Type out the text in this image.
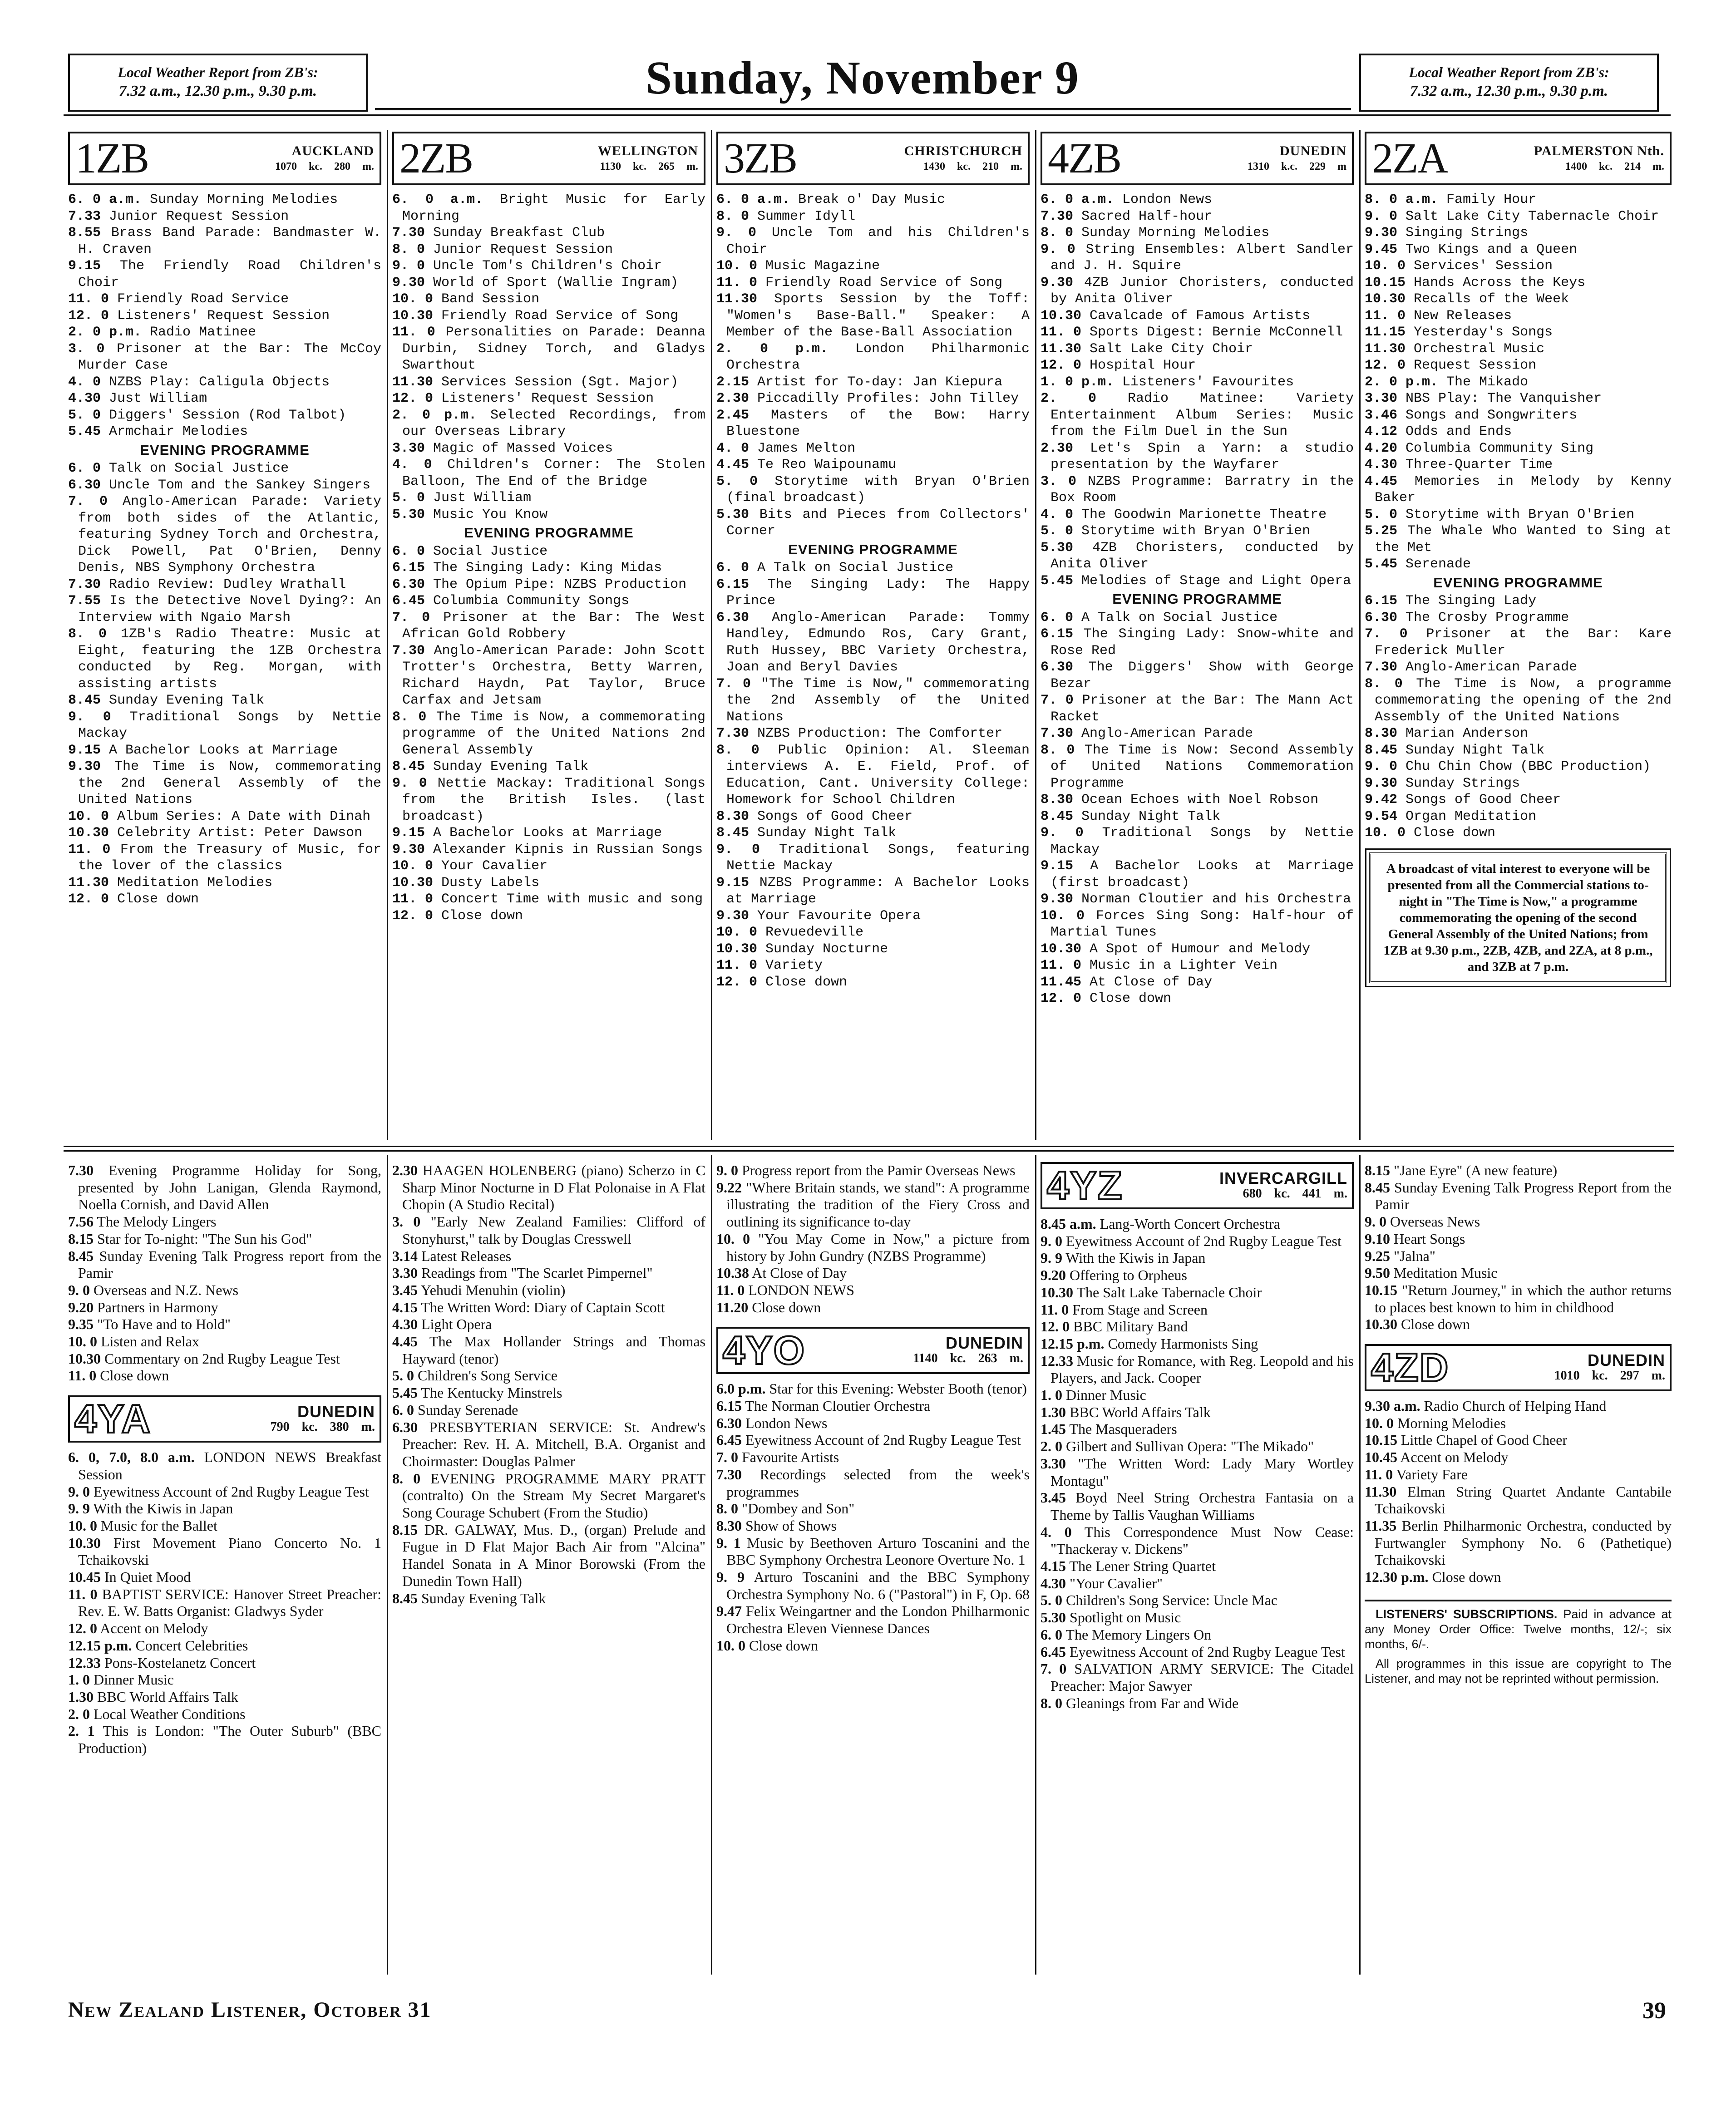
Local Weather Report from ZB's:
7.32 a.m., 12.30 p.m., 9.30 p.m.	Sunday, November 9	Local Weather Report from ZB's:
7.32 a.m., 12.30 p.m., 9.30 p.m.
1ZB	AUCKLAND
1070 kc. 280 m.

6. 0 a.m. Sunday Morning Melodies

7.33 Junior Request Session

8.55 Brass Band Parade: Bandmaster W. H. Craven

9.15 The Friendly Road Children's Choir

11. 0 Friendly Road Service

12. 0 Listeners' Request Session

2. 0 p.m. Radio Matinee

3. 0 Prisoner at the Bar: The McCoy Murder Case

4. 0 NZBS Play: Caligula Objects

4.30 Just William

5. 0 Diggers' Session (Rod Talbot)

5.45 Armchair Melodies

EVENING PROGRAMME

6. 0 Talk on Social Justice

6.30 Uncle Tom and the Sankey Singers

7. 0 Anglo-American Parade: Variety from both sides of the Atlantic, featuring Sydney Torch and Orchestra, Dick Powell, Pat O'Brien, Denny Denis, NBS Symphony Orchestra

7.30 Radio Review: Dudley Wrathall

7.55 Is the Detective Novel Dying?: An Interview with Ngaio Marsh

8. 0 1ZB's Radio Theatre: Music at Eight, featuring the 1ZB Orchestra conducted by Reg. Morgan, with assisting artists

8.45 Sunday Evening Talk

9. 0 Traditional Songs by Nettie Mackay

9.15 A Bachelor Looks at Marriage

9.30 The Time is Now, commemorating the 2nd General Assembly of the United Nations

10. 0 Album Series: A Date with Dinah

10.30 Celebrity Artist: Peter Dawson

11. 0 From the Treasury of Music, for the lover of the classics

11.30 Meditation Melodies

12. 0 Close down

2ZB	WELLINGTON
1130 kc. 265 m.

6. 0 a.m. Bright Music for Early Morning

7.30 Sunday Breakfast Club

8. 0 Junior Request Session

9. 0 Uncle Tom's Children's Choir

9.30 World of Sport (Wallie Ingram)

10. 0 Band Session

10.30 Friendly Road Service of Song

11. 0 Personalities on Parade: Deanna Durbin, Sidney Torch, and Gladys Swarthout

11.30 Services Session (Sgt. Major)

12. 0 Listeners' Request Session

2. 0 p.m. Selected Recordings, from our Overseas Library

3.30 Magic of Massed Voices

4. 0 Children's Corner: The Stolen Balloon, The End of the Bridge

5. 0 Just William

5.30 Music You Know

EVENING PROGRAMME

6. 0 Social Justice

6.15 The Singing Lady: King Midas

6.30 The Opium Pipe: NZBS Production

6.45 Columbia Community Songs

7. 0 Prisoner at the Bar: The West African Gold Robbery

7.30 Anglo-American Parade: John Scott Trotter's Orchestra, Betty Warren, Richard Haydn, Pat Taylor, Bruce Carfax and Jetsam

8. 0 The Time is Now, a commemorating programme of the United Nations 2nd General Assembly

8.45 Sunday Evening Talk

9. 0 Nettie Mackay: Traditional Songs from the British Isles. (last broadcast)

9.15 A Bachelor Looks at Marriage

9.30 Alexander Kipnis in Russian Songs

10. 0 Your Cavalier

10.30 Dusty Labels

11. 0 Concert Time with music and song

12. 0 Close down

3ZB	CHRISTCHURCH
1430 kc. 210 m.

6. 0 a.m. Break o' Day Music

8. 0 Summer Idyll

9. 0 Uncle Tom and his Children's Choir

10. 0 Music Magazine

11. 0 Friendly Road Service of Song

11.30 Sports Session by the Toff: "Women's Base-Ball." Speaker: A Member of the Base-Ball Association

2. 0 p.m. London Philharmonic Orchestra

2.15 Artist for To-day: Jan Kiepura

2.30 Piccadilly Profiles: John Tilley

2.45 Masters of the Bow: Harry Bluestone

4. 0 James Melton

4.45 Te Reo Waipounamu

5. 0 Storytime with Bryan O'Brien (final broadcast)

5.30 Bits and Pieces from Collectors' Corner

EVENING PROGRAMME

6. 0 A Talk on Social Justice

6.15 The Singing Lady: The Happy Prince

6.30 Anglo-American Parade: Tommy Handley, Edmundo Ros, Cary Grant, Ruth Hussey, BBC Variety Orchestra, Joan and Beryl Davies

7. 0 "The Time is Now," commemorating the 2nd Assembly of the United Nations

7.30 NZBS Production: The Comforter

8. 0 Public Opinion: Al. Sleeman interviews A. E. Field, Prof. of Education, Cant. University College: Homework for School Children

8.30 Songs of Good Cheer

8.45 Sunday Night Talk

9. 0 Traditional Songs, featuring Nettie Mackay

9.15 NZBS Programme: A Bachelor Looks at Marriage

9.30 Your Favourite Opera

10. 0 Revuedeville

10.30 Sunday Nocturne

11. 0 Variety

12. 0 Close down

4ZB	DUNEDIN
1310 k.c. 229 m

6. 0 a.m. London News

7.30 Sacred Half-hour

8. 0 Sunday Morning Melodies

9. 0 String Ensembles: Albert Sandler and J. H. Squire

9.30 4ZB Junior Choristers, conducted by Anita Oliver

10.30 Cavalcade of Famous Artists

11. 0 Sports Digest: Bernie McConnell

11.30 Salt Lake City Choir

12. 0 Hospital Hour

1. 0 p.m. Listeners' Favourites

2. 0 Radio Matinee: Variety Entertainment Album Series: Music from the Film Duel in the Sun

2.30 Let's Spin a Yarn: a studio presentation by the Wayfarer

3. 0 NZBS Programme: Barratry in the Box Room

4. 0 The Goodwin Marionette Theatre

5. 0 Storytime with Bryan O'Brien

5.30 4ZB Choristers, conducted by Anita Oliver

5.45 Melodies of Stage and Light Opera

EVENING PROGRAMME

6. 0 A Talk on Social Justice

6.15 The Singing Lady: Snow-white and Rose Red

6.30 The Diggers' Show with George Bezar

7. 0 Prisoner at the Bar: The Mann Act Racket

7.30 Anglo-American Parade

8. 0 The Time is Now: Second Assembly of United Nations Commemoration Programme

8.30 Ocean Echoes with Noel Robson

8.45 Sunday Night Talk

9. 0 Traditional Songs by Nettie Mackay

9.15 A Bachelor Looks at Marriage (first broadcast)

9.30 Norman Cloutier and his Orchestra

10. 0 Forces Sing Song: Half-hour of Martial Tunes

10.30 A Spot of Humour and Melody

11. 0 Music in a Lighter Vein

11.45 At Close of Day

12. 0 Close down

2ZA	PALMERSTON Nth.
1400 kc. 214 m.

8. 0 a.m. Family Hour

9. 0 Salt Lake City Tabernacle Choir

9.30 Singing Strings

9.45 Two Kings and a Queen

10. 0 Services' Session

10.15 Hands Across the Keys

10.30 Recalls of the Week

11. 0 New Releases

11.15 Yesterday's Songs

11.30 Orchestral Music

12. 0 Request Session

2. 0 p.m. The Mikado

3.30 NBS Play: The Vanquisher

3.46 Songs and Songwriters

4.12 Odds and Ends

4.20 Columbia Community Sing

4.30 Three-Quarter Time

4.45 Memories in Melody by Kenny Baker

5. 0 Storytime with Bryan O'Brien

5.25 The Whale Who Wanted to Sing at the Met

5.45 Serenade

EVENING PROGRAMME

6.15 The Singing Lady

6.30 The Crosby Programme

7. 0 Prisoner at the Bar: Kare Frederick Muller

7.30 Anglo-American Parade

8. 0 The Time is Now, a programme commemorating the opening of the 2nd Assembly of the United Nations

8.30 Marian Anderson

8.45 Sunday Night Talk

9. 0 Chu Chin Chow (BBC Production)

9.30 Sunday Strings

9.42 Songs of Good Cheer

9.54 Organ Meditation

10. 0 Close down

A broadcast of vital interest to everyone will be presented from all the Commercial stations to-night in "The Time is Now," a programme commemorating the opening of the second General Assembly of the United Nations; from 1ZB at 9.30 p.m., 2ZB, 4ZB, and 2ZA, at 8 p.m., and 3ZB at 7 p.m.

7.30 Evening Programme Holiday for Song, presented by John Lanigan, Glenda Raymond, Noella Cornish, and David Allen

7.56 The Melody Lingers

8.15 Star for To-night: "The Sun his God"

8.45 Sunday Evening Talk Progress report from the Pamir

9. 0 Overseas and N.Z. News

9.20 Partners in Harmony

9.35 "To Have and to Hold"

10. 0 Listen and Relax

10.30 Commentary on 2nd Rugby League Test

11. 0 Close down

4YA	DUNEDIN
790 kc. 380 m.

6. 0, 7.0, 8.0 a.m. LONDON NEWS Breakfast Session

9. 0 Eyewitness Account of 2nd Rugby League Test

9. 9 With the Kiwis in Japan

10. 0 Music for the Ballet

10.30 First Movement Piano Concerto No. 1 Tchaikovski

10.45 In Quiet Mood

11. 0 BAPTIST SERVICE: Hanover Street Preacher: Rev. E. W. Batts Organist: Gladwys Syder

12. 0 Accent on Melody

12.15 p.m. Concert Celebrities

12.33 Pons-Kostelanetz Concert

1. 0 Dinner Music

1.30 BBC World Affairs Talk

2. 0 Local Weather Conditions

2. 1 This is London: "The Outer Suburb" (BBC Production)

2.30 HAAGEN HOLENBERG (piano) Scherzo in C Sharp Minor Nocturne in D Flat Polonaise in A Flat Chopin (A Studio Recital)

3. 0 "Early New Zealand Families: Clifford of Stonyhurst," talk by Douglas Cresswell

3.14 Latest Releases

3.30 Readings from "The Scarlet Pimpernel"

3.45 Yehudi Menuhin (violin)

4.15 The Written Word: Diary of Captain Scott

4.30 Light Opera

4.45 The Max Hollander Strings and Thomas Hayward (tenor)

5. 0 Children's Song Service

5.45 The Kentucky Minstrels

6. 0 Sunday Serenade

6.30 PRESBYTERIAN SERVICE: St. Andrew's Preacher: Rev. H. A. Mitchell, B.A. Organist and Choirmaster: Douglas Palmer

8. 0 EVENING PROGRAMME MARY PRATT (contralto) On the Stream My Secret Margaret's Song Courage Schubert (From the Studio)

8.15 DR. GALWAY, Mus. D., (organ) Prelude and Fugue in D Flat Major Bach Air from "Alcina" Handel Sonata in A Minor Borowski (From the Dunedin Town Hall)

8.45 Sunday Evening Talk

9. 0 Progress report from the Pamir Overseas News

9.22 "Where Britain stands, we stand": A programme illustrating the tradition of the Fiery Cross and outlining its significance to-day

10. 0 "You May Come in Now," a picture from history by John Gundry (NZBS Programme)

10.38 At Close of Day

11. 0 LONDON NEWS

11.20 Close down

4YO	DUNEDIN
1140 kc. 263 m.

6.0 p.m. Star for this Evening: Webster Booth (tenor)

6.15 The Norman Cloutier Orchestra

6.30 London News

6.45 Eyewitness Account of 2nd Rugby League Test

7. 0 Favourite Artists

7.30 Recordings selected from the week's programmes

8. 0 "Dombey and Son"

8.30 Show of Shows

9. 1 Music by Beethoven Arturo Toscanini and the BBC Symphony Orchestra Leonore Overture No. 1

9. 9 Arturo Toscanini and the BBC Symphony Orchestra Symphony No. 6 ("Pastoral") in F, Op. 68

9.47 Felix Weingartner and the London Philharmonic Orchestra Eleven Viennese Dances

10. 0 Close down

4YZ	INVERCARGILL
680 kc. 441 m.

8.45 a.m. Lang-Worth Concert Orchestra

9. 0 Eyewitness Account of 2nd Rugby League Test

9. 9 With the Kiwis in Japan

9.20 Offering to Orpheus

10.30 The Salt Lake Tabernacle Choir

11. 0 From Stage and Screen

12. 0 BBC Military Band

12.15 p.m. Comedy Harmonists Sing

12.33 Music for Romance, with Reg. Leopold and his Players, and Jack. Cooper

1. 0 Dinner Music

1.30 BBC World Affairs Talk

1.45 The Masqueraders

2. 0 Gilbert and Sullivan Opera: "The Mikado"

3.30 "The Written Word: Lady Mary Wortley Montagu"

3.45 Boyd Neel String Orchestra Fantasia on a Theme by Tallis Vaughan Williams

4. 0 This Correspondence Must Now Cease: "Thackeray v. Dickens"

4.15 The Lener String Quartet

4.30 "Your Cavalier"

5. 0 Children's Song Service: Uncle Mac

5.30 Spotlight on Music

6. 0 The Memory Lingers On

6.45 Eyewitness Account of 2nd Rugby League Test

7. 0 SALVATION ARMY SERVICE: The Citadel Preacher: Major Sawyer

8. 0 Gleanings from Far and Wide

8.15 "Jane Eyre" (A new feature)

8.45 Sunday Evening Talk Progress Report from the Pamir

9. 0 Overseas News

9.10 Heart Songs

9.25 "Jalna"

9.50 Meditation Music

10.15 "Return Journey," in which the author returns to places best known to him in childhood

10.30 Close down

4ZD	DUNEDIN
1010 kc. 297 m.

9.30 a.m. Radio Church of Helping Hand

10. 0 Morning Melodies

10.15 Little Chapel of Good Cheer

10.45 Accent on Melody

11. 0 Variety Fare

11.30 Elman String Quartet Andante Cantabile Tchaikovski

11.35 Berlin Philharmonic Orchestra, conducted by Furtwangler Symphony No. 6 (Pathetique) Tchaikovski

12.30 p.m. Close down

LISTENERS' SUBSCRIPTIONS. Paid in advance at any Money Order Office: Twelve months, 12/-; six months, 6/-.

All programmes in this issue are copyright to The Listener, and may not be reprinted without permission.

New Zealand Listener, October 31	39
